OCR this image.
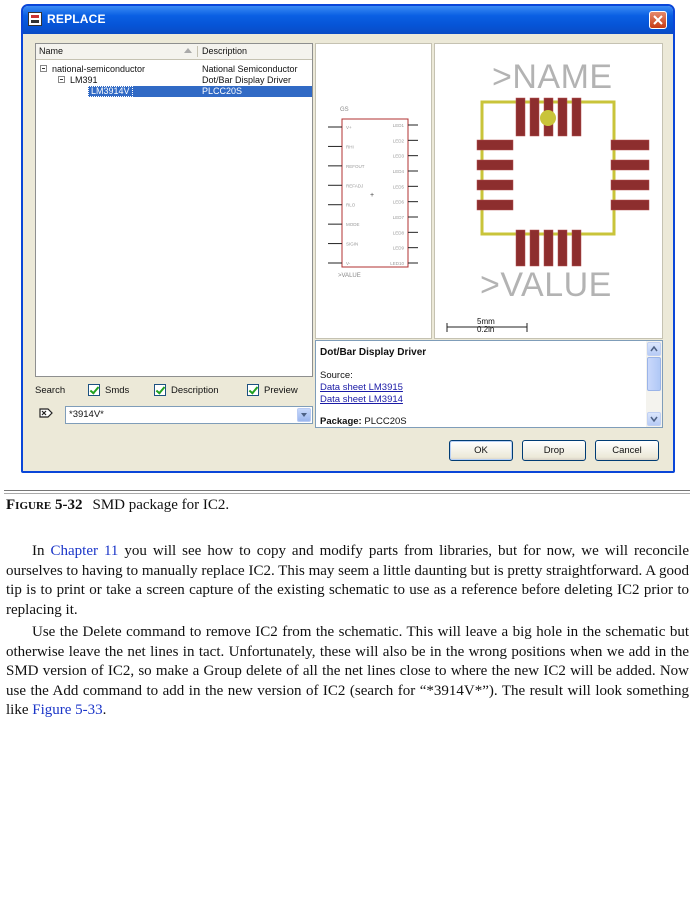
REPLACE
Name	Description
national-semiconductor	National Semiconductor
LM391	Dot/Bar Display Driver
LM3914V	PLCC20S
Search	Smds	Description	Preview
*3914V*
GS
>VALUE
V+
RHI
REFOUT
REFADJ
RLO
MODE
SIGIN
V-
LED1
LED2
LED3
LED4
LED5
LED6
LED7
LED8
LED9
LED10
+
>NAME
>VALUE
5mm
0.2in
Dot/Bar Display Driver
Source:
Data sheet LM3915
Data sheet LM3914
Package: PLCC20S
OK	Drop	Cancel
Figure 5-32 SMD package for IC2.

In Chapter 11 you will see how to copy and modify parts from libraries, but for now, we will reconcile ourselves to having to manually replace IC2. This may seem a little daunting but is pretty straightforward. A good tip is to print or take a screen capture of the existing schematic to use as a reference before deleting IC2 prior to replacing it.

Use the Delete command to remove IC2 from the schematic. This will leave a big hole in the schematic but otherwise leave the net lines in tact. Unfortunately, these will also be in the wrong positions when we add in the SMD version of IC2, so make a Group delete of all the net lines close to where the new IC2 will be added. Now use the Add command to add in the new version of IC2 (search for “*3914V*”). The result will look something like Figure 5-33.
